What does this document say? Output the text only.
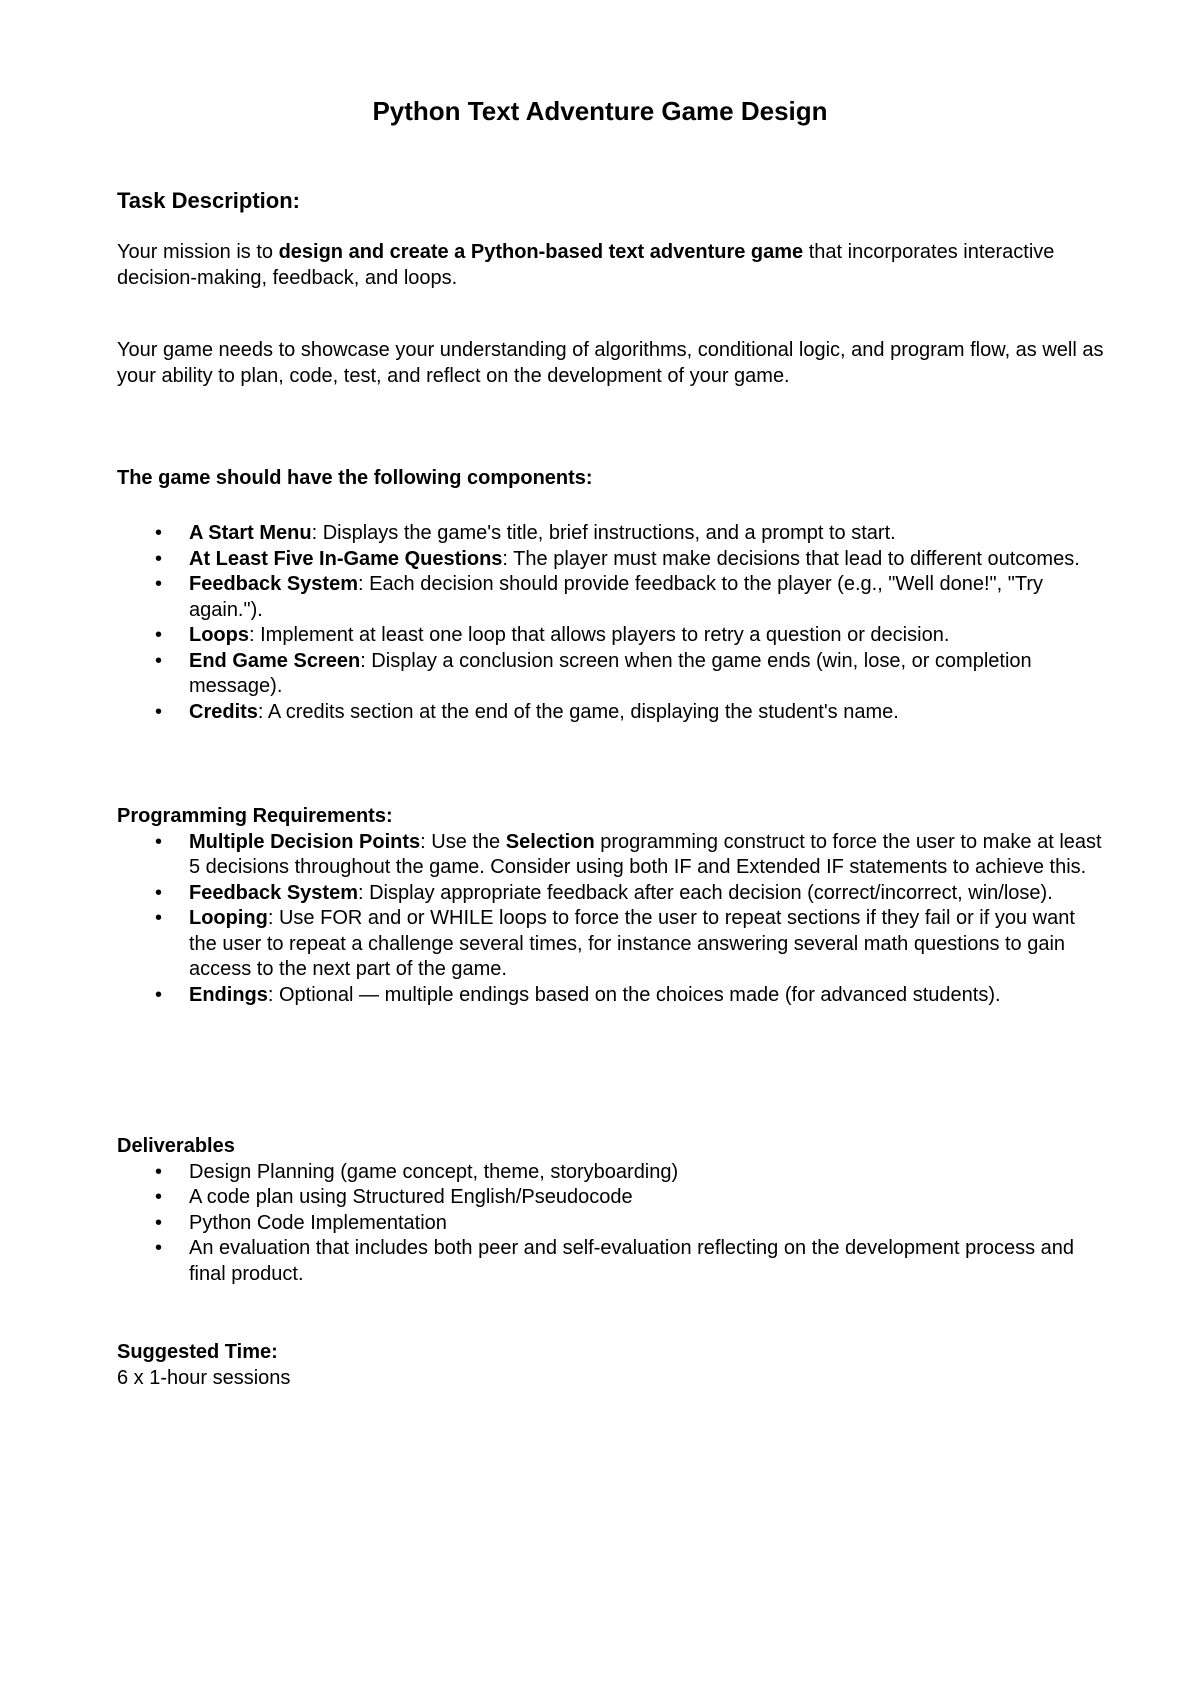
Python Text Adventure Game Design
Task Description:

Your mission is to design and create a Python-based text adventure game that incorporates interactive decision-making, feedback, and loops.

Your game needs to showcase your understanding of algorithms, conditional logic, and program flow, as well as your ability to plan, code, test, and reflect on the development of your game.

The game should have the following components:
• A Start Menu: Displays the game's title, brief instructions, and a prompt to start.
• At Least Five In-Game Questions: The player must make decisions that lead to different outcomes.
• Feedback System: Each decision should provide feedback to the player (e.g., "Well done!", "Try again.").
• Loops: Implement at least one loop that allows players to retry a question or decision.
• End Game Screen: Display a conclusion screen when the game ends (win, lose, or completion message).
• Credits: A credits section at the end of the game, displaying the student's name.
Programming Requirements:
• Multiple Decision Points: Use the Selection programming construct to force the user to make at least 5 decisions throughout the game. Consider using both IF and Extended IF statements to achieve this.
• Feedback System: Display appropriate feedback after each decision (correct/incorrect, win/lose).
• Looping: Use FOR and or WHILE loops to force the user to repeat sections if they fail or if you want the user to repeat a challenge several times, for instance answering several math questions to gain access to the next part of the game.
• Endings: Optional — multiple endings based on the choices made (for advanced students).
Deliverables
• Design Planning (game concept, theme, storyboarding)
• A code plan using Structured English/Pseudocode
• Python Code Implementation
• An evaluation that includes both peer and self-evaluation reflecting on the development process and final product.
Suggested Time:
6 x 1-hour sessions
